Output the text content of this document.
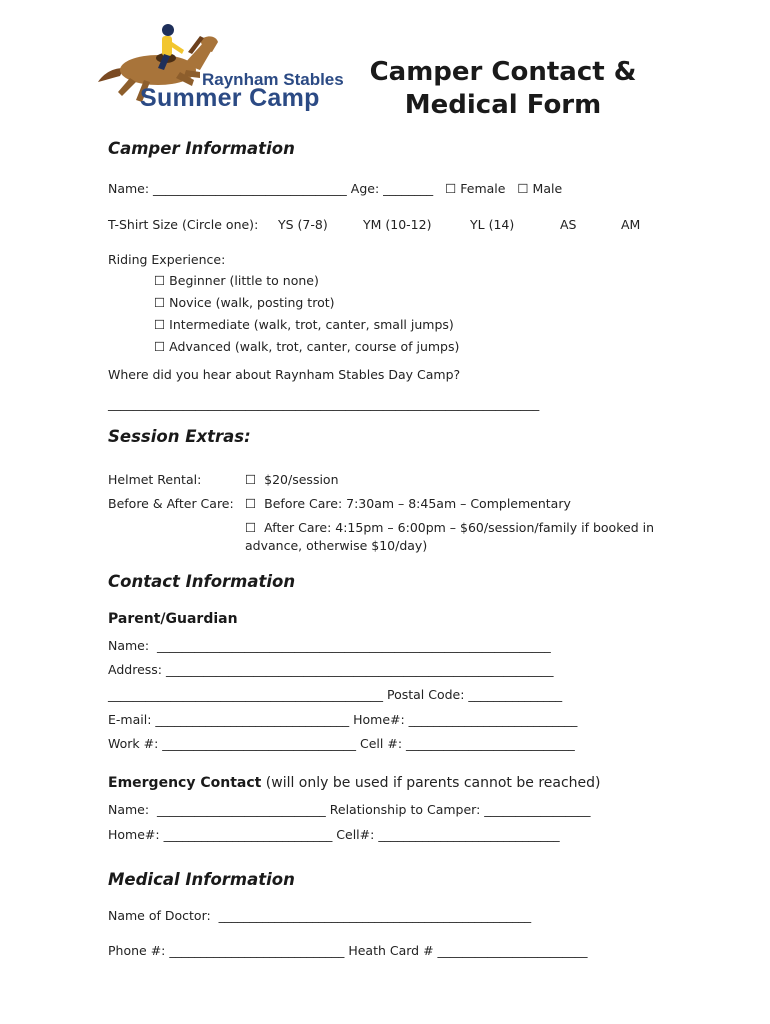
Raynham Stables
Summer Camp
Camper Contact &
Medical Form
Camper Information
Name: _______________________________ Age: ________   ☐ Female   ☐ Male
T-Shirt Size (Circle one): YS (7-8)	YM (10-12)	YL (14)	AS	AM
Riding Experience:
☐ Beginner (little to none)
☐ Novice (walk, posting trot)
☐ Intermediate (walk, trot, canter, small jumps)
☐ Advanced (walk, trot, canter, course of jumps)
Where did you hear about Raynham Stables Day Camp?
_____________________________________________________________________
Session Extras:
Helmet Rental:	☐  $20/session
Before & After Care: ☐  Before Care: 7:30am – 8:45am – Complementary
☐  After Care: 4:15pm – 6:00pm – $60/session/family if booked in
advance, otherwise $10/day)
Contact Information
Parent/Guardian
Name:  _______________________________________________________________
Address: ______________________________________________________________
____________________________________________ Postal Code: _______________
E-mail: _______________________________ Home#: ___________________________
Work #: _______________________________ Cell #: ___________________________
Emergency Contact (will only be used if parents cannot be reached)
Name:  ___________________________ Relationship to Camper: _________________
Home#: ___________________________ Cell#: _____________________________
Medical Information
Name of Doctor:  __________________________________________________
Phone #: ____________________________ Heath Card # ________________________
